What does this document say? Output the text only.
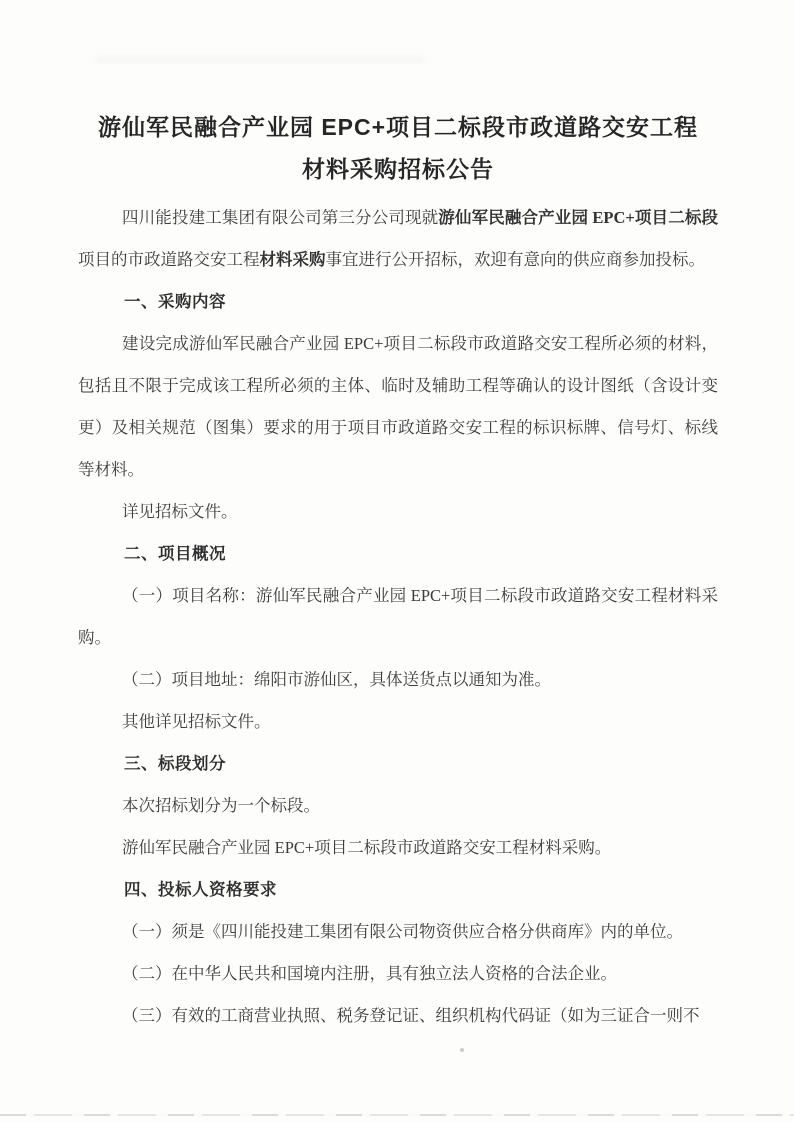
游仙军民融合产业园 EPC+项目二标段市政道路交安工程
材料采购招标公告

四川能投建工集团有限公司第三分公司现就游仙军民融合产业园 EPC+项目二标段项目的市政道路交安工程材料采购事宜进行公开招标，欢迎有意向的供应商参加投标。

一、采购内容

建设完成游仙军民融合产业园 EPC+项目二标段市政道路交安工程所必须的材料，包括且不限于完成该工程所必须的主体、临时及辅助工程等确认的设计图纸（含设计变更）及相关规范（图集）要求的用于项目市政道路交安工程的标识标牌、信号灯、标线等材料。

详见招标文件。

二、项目概况

（一）项目名称：游仙军民融合产业园 EPC+项目二标段市政道路交安工程材料采购。

（二）项目地址：绵阳市游仙区，具体送货点以通知为准。

其他详见招标文件。

三、标段划分

本次招标划分为一个标段。

游仙军民融合产业园 EPC+项目二标段市政道路交安工程材料采购。

四、投标人资格要求

（一）须是《四川能投建工集团有限公司物资供应合格分供商库》内的单位。

（二）在中华人民共和国境内注册，具有独立法人资格的合法企业。

（三）有效的工商营业执照、税务登记证、组织机构代码证（如为三证合一则不
